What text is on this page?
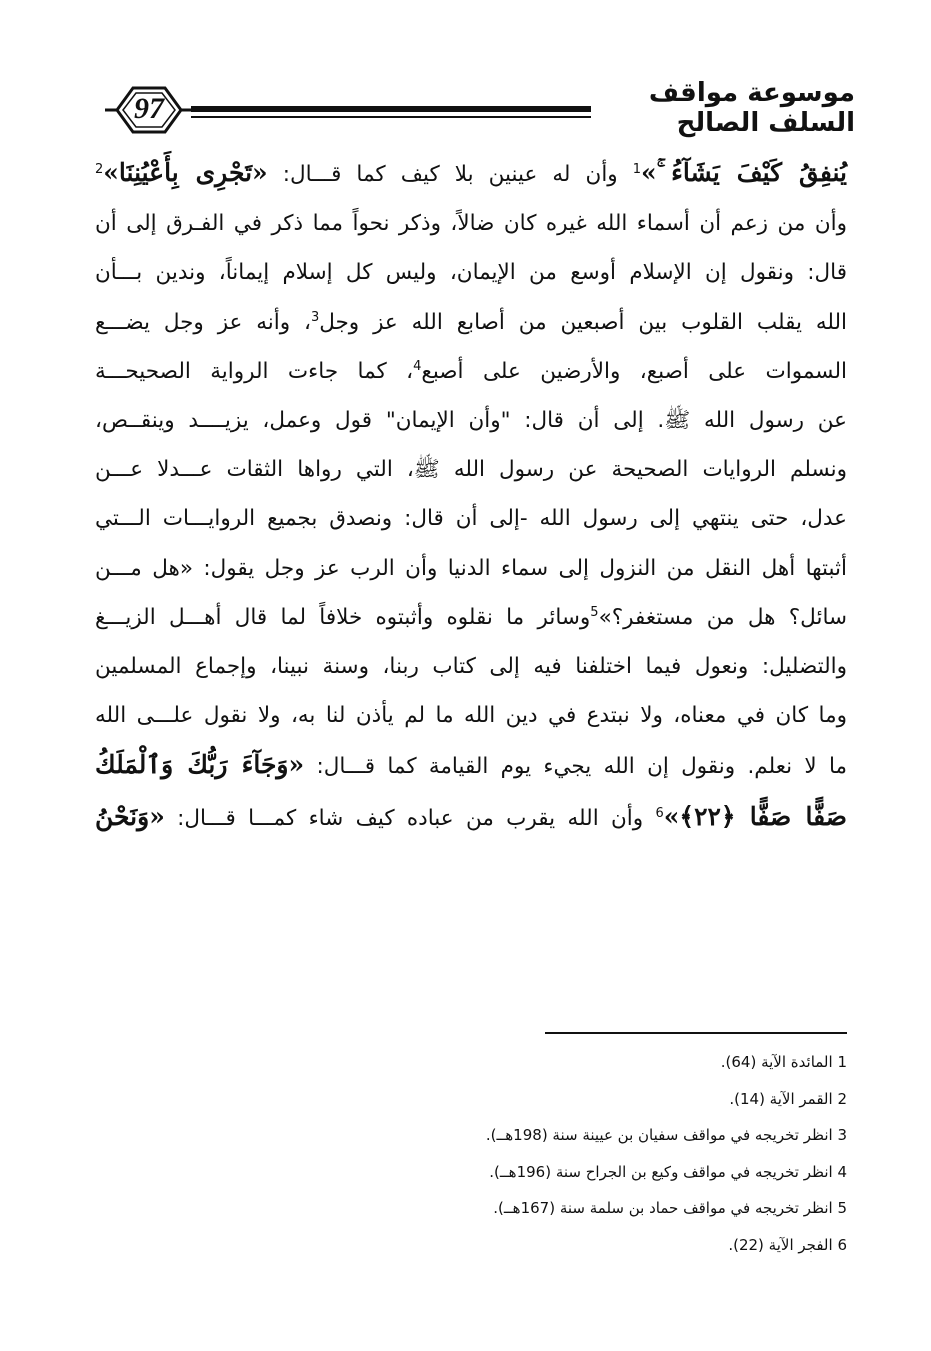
97	موسوعة مواقف السلف الصالح

يُنفِقُ كَيْفَ يَشَآءُ ۚ»$^1$ وأن له عينين بلا كيف كما قـــال: «تَجْرِى بِأَعْيُنِنَا»$^2$

وأن من زعم أن أسماء الله غيره كان ضالاً، وذكر نحواً مما ذكر في الفـرق إلى أن

قال: ونقول إن الإسلام أوسع من الإيمان، وليس كل إسلام إيماناً، وندين بـــأن

الله يقلب القلوب بين أصبعين من أصابع الله عز وجل$^3$، وأنه عز وجل يضـــع

السموات على أصبع، والأرضين على أصبع$^4$، كما جاءت الرواية الصحيحـــة

عن رسول الله ﷺ. إلى أن قال: "وأن الإيمان" قول وعمل، يزيــــد وينقــص،

ونسلم الروايات الصحيحة عن رسول الله ﷺ، التي رواها الثقات عـــدلا عـــن

عدل، حتى ينتهي إلى رسول الله -إلى أن قال: ونصدق بجميع الروايـــات الـــتي

أثبتها أهل النقل من النزول إلى سماء الدنيا وأن الرب عز وجل يقول: «هل مـــن

سائل؟ هل من مستغفر؟»$^5$وسائر ما نقلوه وأثبتوه خلافاً لما قال أهـــل الزيـــغ

والتضليل: ونعول فيما اختلفنا فيه إلى كتاب ربنا، وسنة نبينا، وإجماع المسلمين

وما كان في معناه، ولا نبتدع في دين الله ما لم يأذن لنا به، ولا نقول علـــى الله

ما لا نعلم. ونقول إن الله يجيء يوم القيامة كما قـــال: «وَجَآءَ رَبُّكَ وَٱلْمَلَكُ

صَفًّا صَفًّا ﴿٢٢﴾»$^6$ وأن الله يقرب من عباده كيف شاء كمـــا قـــال: «وَنَحْنُ

1 المائدة الآية (64).
2 القمر الآية (14).
3 انظر تخريجه في مواقف سفيان بن عيينة سنة (198هــ).
4 انظر تخريجه في مواقف وكيع بن الجراح سنة (196هــ).
5 انظر تخريجه في مواقف حماد بن سلمة سنة (167هــ).
6 الفجر الآية (22).
